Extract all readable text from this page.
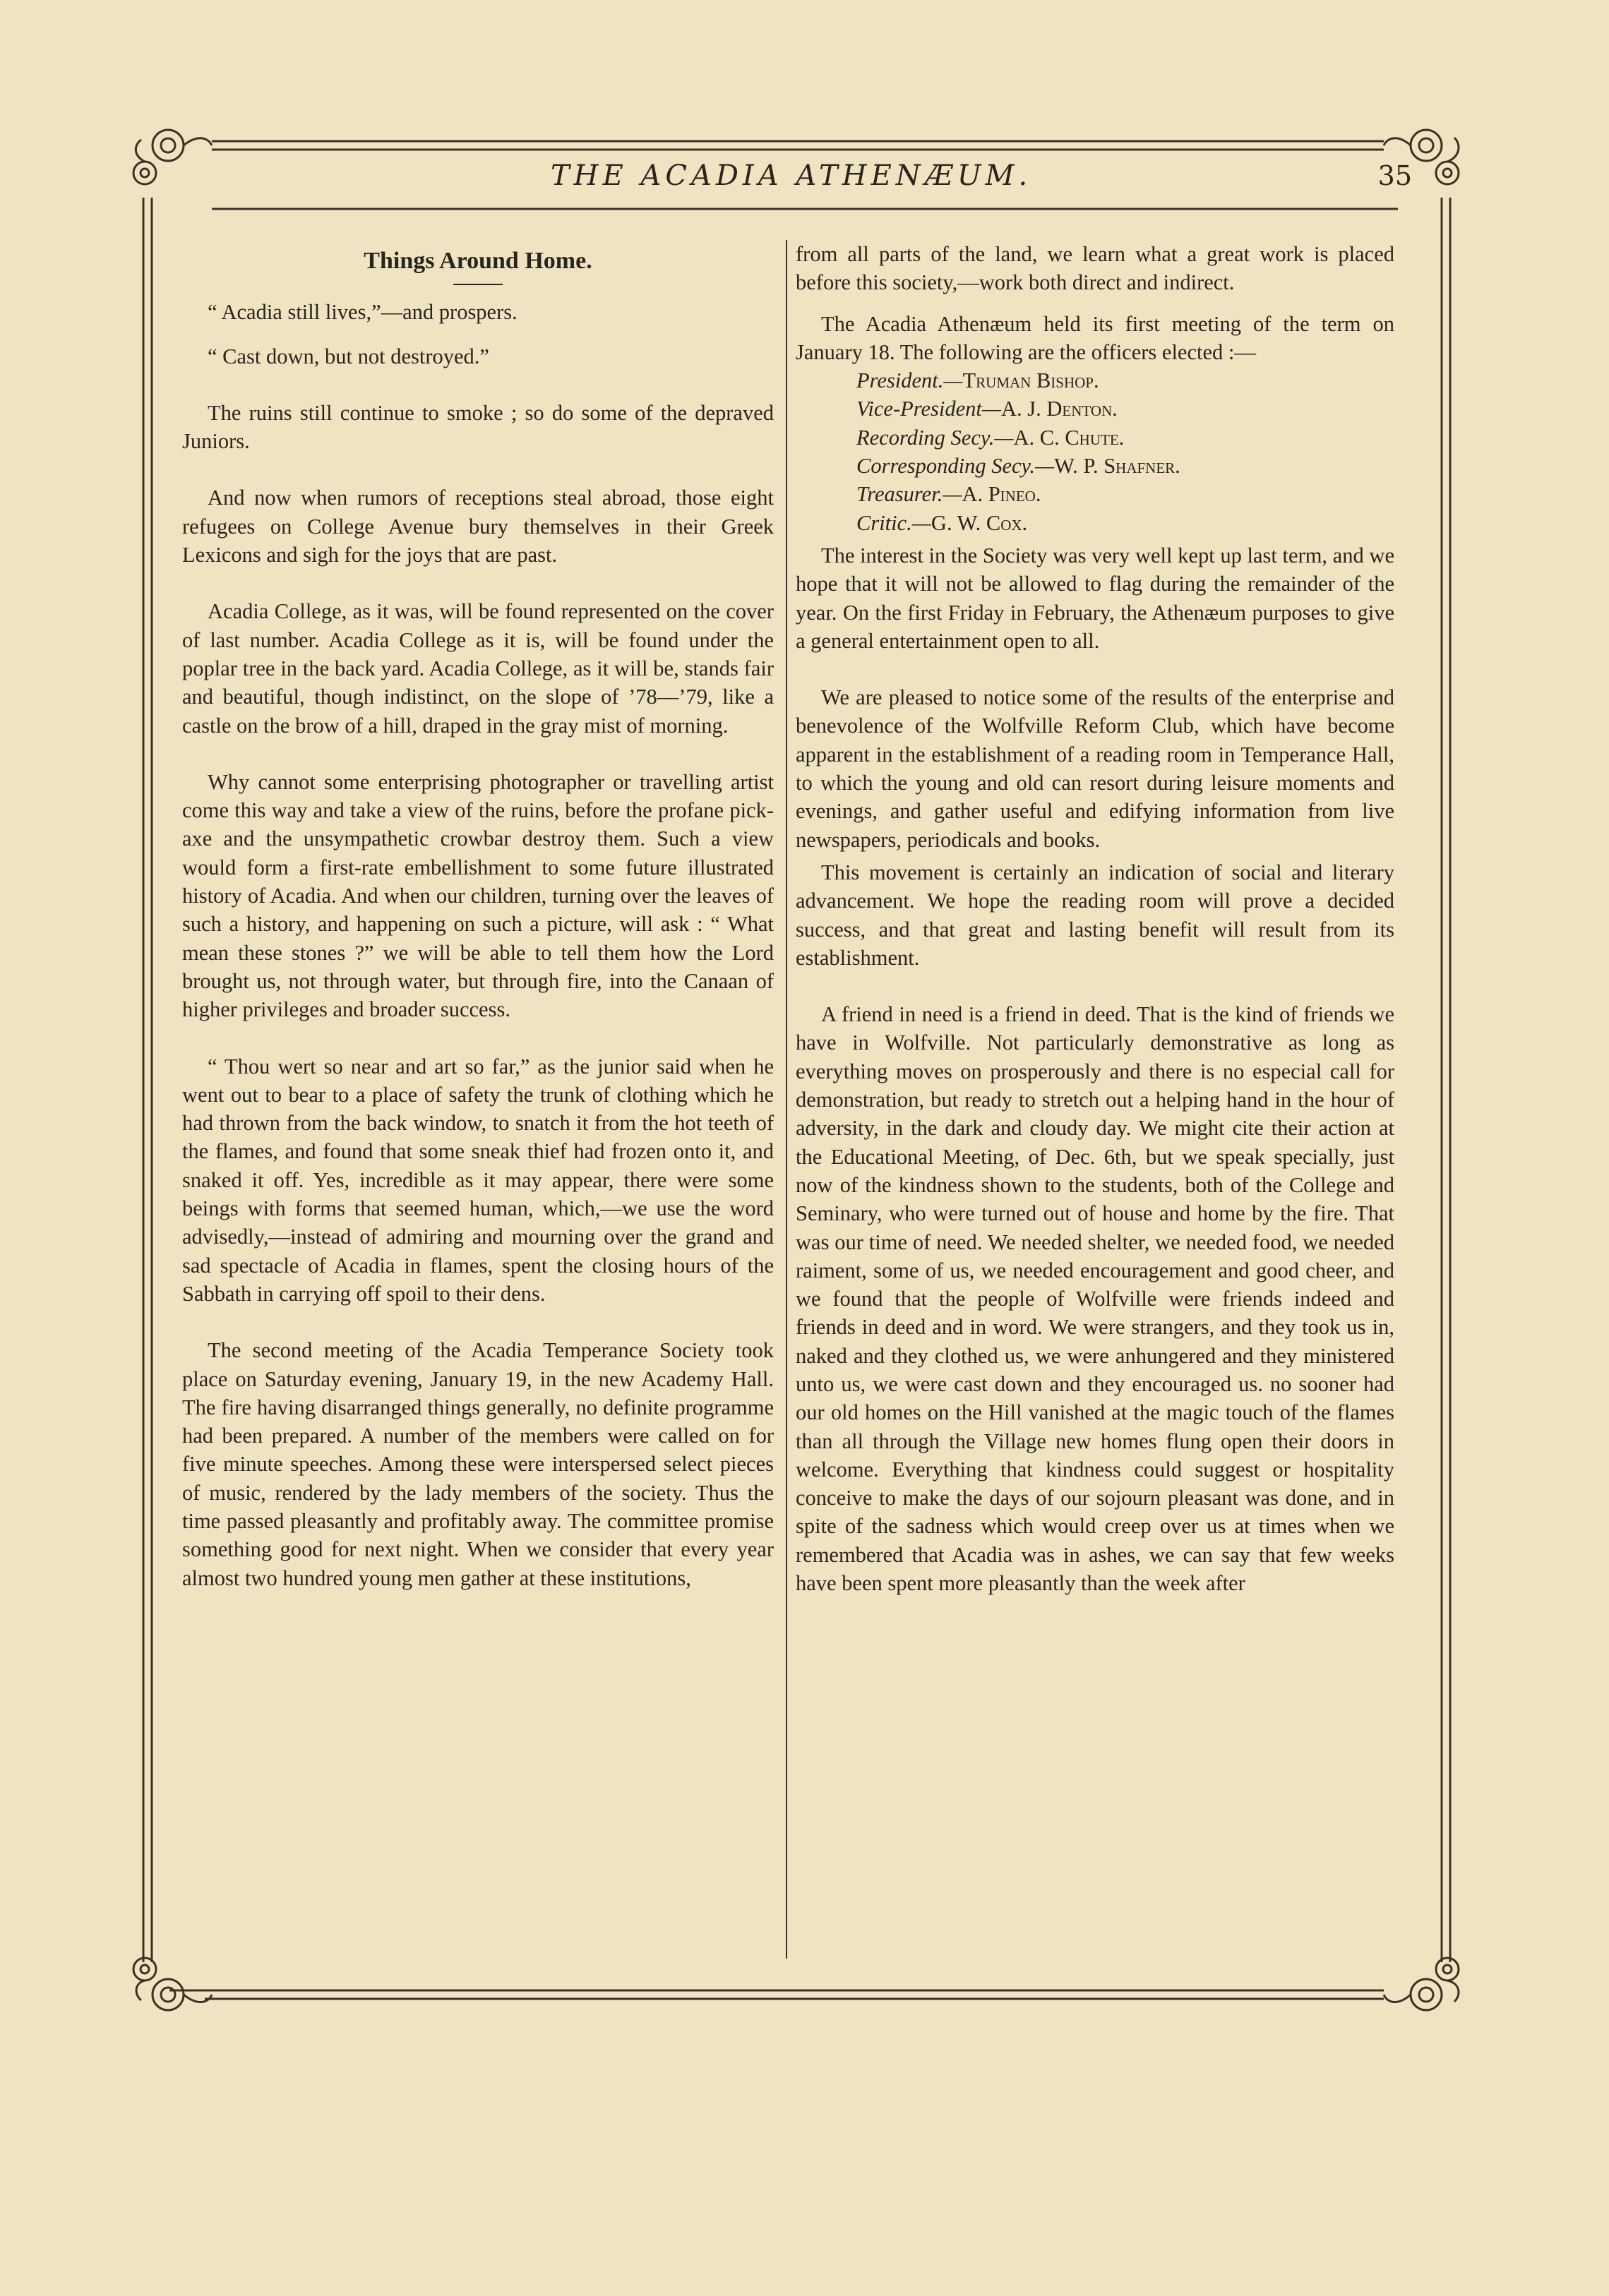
THE ACADIA ATHENÆUM.	35
Things Around Home.

“ Acadia still lives,”—and prospers.

“ Cast down, but not destroyed.”

The ruins still continue to smoke ; so do some of the depraved Juniors.

And now when rumors of receptions steal abroad, those eight refugees on College Avenue bury themselves in their Greek Lexicons and sigh for the joys that are past.

Acadia College, as it was, will be found represented on the cover of last number. Acadia College as it is, will be found under the poplar tree in the back yard. Acadia College, as it will be, stands fair and beautiful, though indistinct, on the slope of ’78—’79, like a castle on the brow of a hill, draped in the gray mist of morning.

Why cannot some enterprising photographer or travelling artist come this way and take a view of the ruins, before the profane pick-axe and the unsympathetic crowbar destroy them. Such a view would form a first-rate embellishment to some future illustrated history of Acadia. And when our children, turning over the leaves of such a history, and happening on such a picture, will ask : “ What mean these stones ?” we will be able to tell them how the Lord brought us, not through water, but through fire, into the Canaan of higher privileges and broader success.

“ Thou wert so near and art so far,” as the junior said when he went out to bear to a place of safety the trunk of clothing which he had thrown from the back window, to snatch it from the hot teeth of the flames, and found that some sneak thief had frozen onto it, and snaked it off. Yes, incredible as it may appear, there were some beings with forms that seemed human, which,—we use the word advisedly,—instead of admiring and mourning over the grand and sad spectacle of Acadia in flames, spent the closing hours of the Sabbath in carrying off spoil to their dens.

The second meeting of the Acadia Temperance Society took place on Saturday evening, January 19, in the new Academy Hall. The fire having disarranged things generally, no definite programme had been prepared. A number of the members were called on for five minute speeches. Among these were interspersed select pieces of music, rendered by the lady members of the society. Thus the time passed pleasantly and profitably away. The committee promise something good for next night. When we consider that every year almost two hundred young men gather at these institutions,

from all parts of the land, we learn what a great work is placed before this society,—work both direct and indirect.

The Acadia Athenæum held its first meeting of the term on January 18. The following are the officers elected :—

President.—Truman Bishop.
Vice-President—A. J. Denton.
Recording Secy.—A. C. Chute.
Corresponding Secy.—W. P. Shafner.
Treasurer.—A. Pineo.
Critic.—G. W. Cox.

The interest in the Society was very well kept up last term, and we hope that it will not be allowed to flag during the remainder of the year. On the first Friday in February, the Athenæum purposes to give a general entertainment open to all.

We are pleased to notice some of the results of the enterprise and benevolence of the Wolfville Reform Club, which have become apparent in the establishment of a reading room in Temperance Hall, to which the young and old can resort during leisure moments and evenings, and gather useful and edifying information from live newspapers, periodicals and books.

This movement is certainly an indication of social and literary advancement. We hope the reading room will prove a decided success, and that great and lasting benefit will result from its establishment.

A friend in need is a friend in deed. That is the kind of friends we have in Wolfville. Not particularly demonstrative as long as everything moves on prosperously and there is no especial call for demonstration, but ready to stretch out a helping hand in the hour of adversity, in the dark and cloudy day. We might cite their action at the Educational Meeting, of Dec. 6th, but we speak specially, just now of the kindness shown to the students, both of the College and Seminary, who were turned out of house and home by the fire. That was our time of need. We needed shelter, we needed food, we needed raiment, some of us, we needed encouragement and good cheer, and we found that the people of Wolfville were friends indeed and friends in deed and in word. We were strangers, and they took us in, naked and they clothed us, we were anhungered and they ministered unto us, we were cast down and they encouraged us. no sooner had our old homes on the Hill vanished at the magic touch of the flames than all through the Village new homes flung open their doors in welcome. Everything that kindness could suggest or hospitality conceive to make the days of our sojourn pleasant was done, and in spite of the sadness which would creep over us at times when we remembered that Acadia was in ashes, we can say that few weeks have been spent more pleasantly than the week after
